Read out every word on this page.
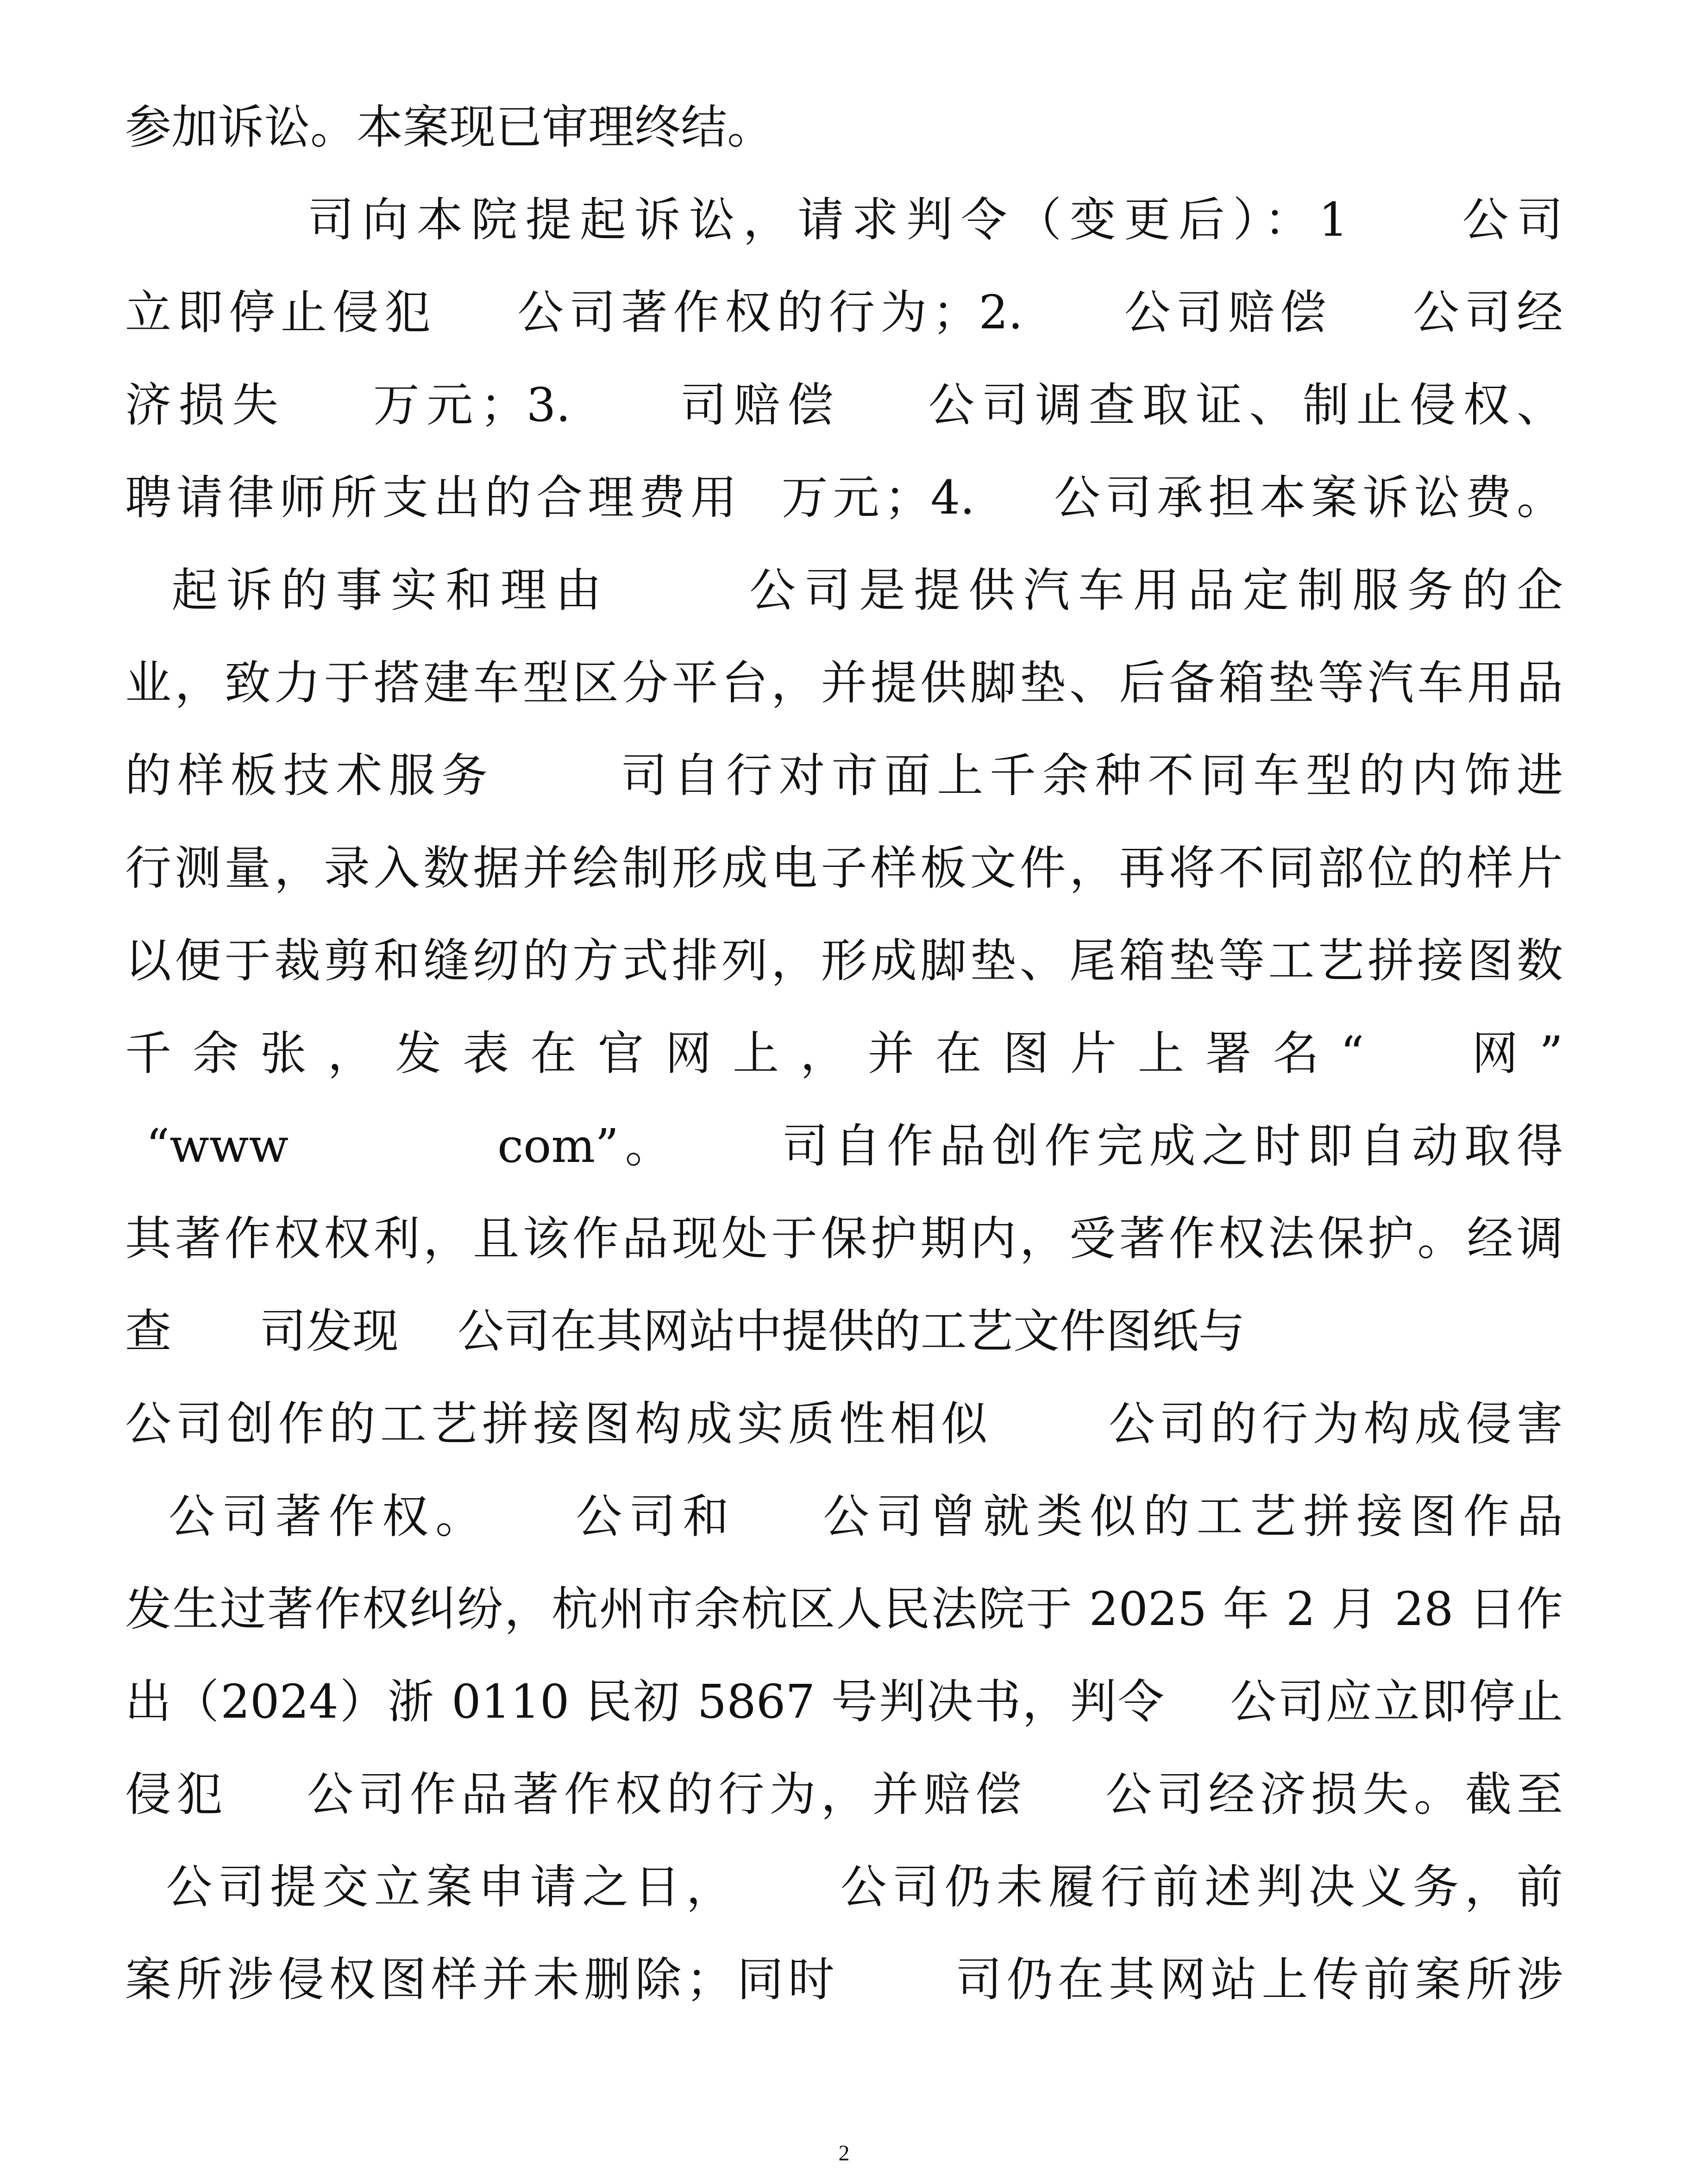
参加诉讼。本案现已审理终结。
司向本院提起诉讼，请求判令（变更后）：1     公司
立即停止侵犯    公司著作权的行为；2.     公司赔偿    公司经
济损失    万元；3.     司赔偿    公司调查取证、制止侵权、
聘请律师所支出的合理费用  万元；4.    公司承担本案诉讼费。
起诉的事实和理由      公司是提供汽车用品定制服务的企
业，致力于搭建车型区分平台，并提供脚垫、后备箱垫等汽车用品
的样板技术服务      司自行对市面上千余种不同车型的内饰进
行测量，录入数据并绘制形成电子样板文件，再将不同部位的样片
以便于裁剪和缝纫的方式排列，形成脚垫、尾箱垫等工艺拼接图数
千 余 张 ， 发 表 在 官 网 上 ， 并 在 图 片 上 署 名 “      网 ”
“www          com”。     司自作品创作完成之时即自动取得
其著作权权利，且该作品现处于保护期内，受著作权法保护。经调
查      司发现    公司在其网站中提供的工艺文件图纸与
公司创作的工艺拼接图构成实质性相似      公司的行为构成侵害
公司著作权。    公司和    公司曾就类似的工艺拼接图作品
发生过著作权纠纷，杭州市余杭区人民法院于 2025 年 2 月 28 日作
出（2024）浙 0110 民初 5867 号判决书，判令    公司应立即停止
侵犯    公司作品著作权的行为，并赔偿    公司经济损失。截至
公司提交立案申请之日，     公司仍未履行前述判决义务，前
案所涉侵权图样并未删除；同时      司仍在其网站上传前案所涉
2
